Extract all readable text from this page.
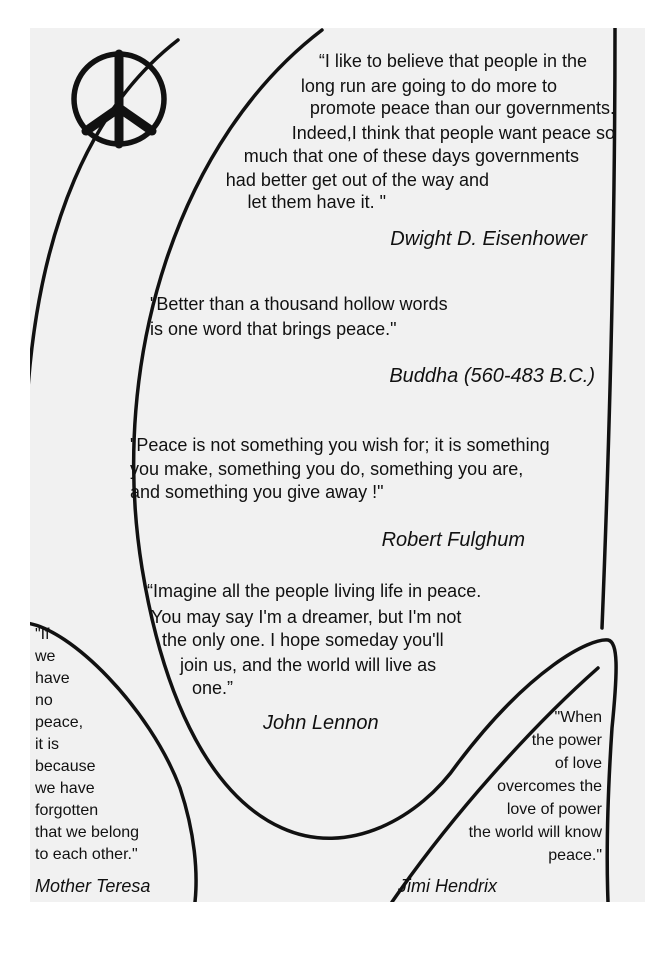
“I like to believe that people in the
long run are going to do more to
promote peace than our governments.
Indeed,I think that people want peace so
much that one of these days governments
had better get out of the way and
let them have it. "
Dwight D. Eisenhower
"Better than a thousand hollow words
is one word that brings peace."
Buddha (560-483 B.C.)
"Peace is not something you wish for; it is something
you make, something you do, something you are,
and something you give away !"
Robert Fulghum
“Imagine all the people living life in peace.
You may say I'm a dreamer, but I'm not
the only one. I hope someday you'll
join us, and the world will live as
one.”
John Lennon
"If
we
have
no
peace,
it is
because
we have
forgotten
that we belong
to each other."
Mother Teresa
"When
the power
of love
overcomes the
love of power
the world will know
peace."
Jimi Hendrix
